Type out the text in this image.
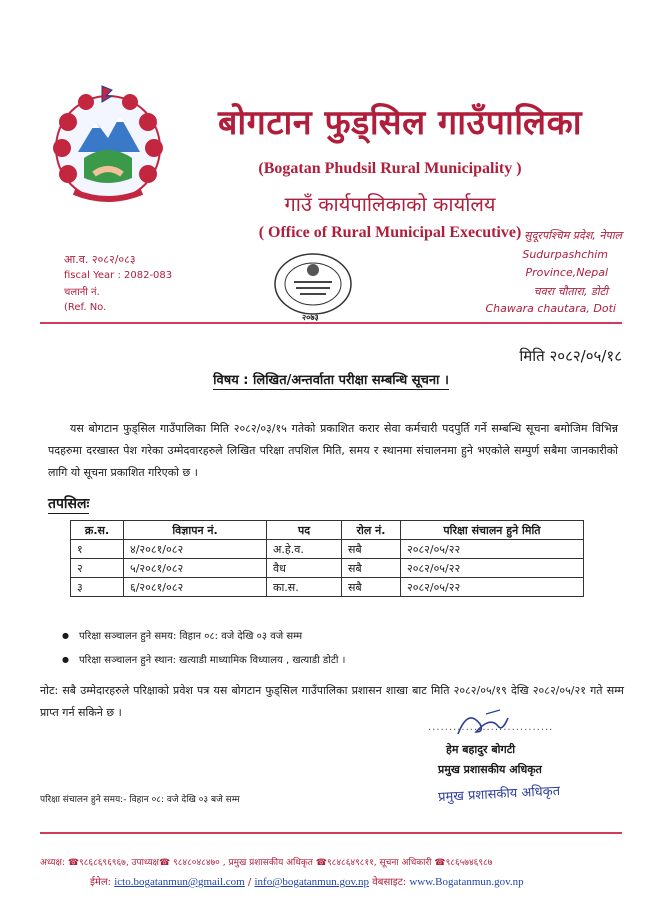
बोगटान फुड्सिल गाउँपालिका
(Bogatan Phudsil Rural Municipality )
गाउँ कार्यपालिकाको कार्यालय
( Office of Rural Municipal Executive)
आ.व. २०८२/०८३
fiscal Year : 2082-083
चलानी नं.
(Ref. No.
सुदूरपश्चिम प्रदेश, नेपाल
Sudurpashchim
Province,Nepal
चवरा चौतारा, डोटी
Chawara chautara, Doti
२०७३
मिति २०८२/०५/१८
विषय : लिखित/अन्तर्वाता परीक्षा सम्बन्धि सूचना ।
यस बोगटान फुड्सिल गाउँपालिका मिति २०८२/०३/१५ गतेको प्रकाशित करार सेवा कर्मचारी पदपुर्ति गर्ने सम्बन्धि सूचना बमोजिम विभिन्न पदहरुमा दरखास्त पेश गरेका उम्मेदवारहरुले लिखित परिक्षा तपशिल मिति, समय र स्थानमा संचालनमा हुने भएकोले सम्पुर्ण सबैमा जानकारीको लागि यो सूचना प्रकाशित गरिएको छ ।
तपसिलः
क्र.स.	विज्ञापन नं.	पद	रोल नं.	परिक्षा संचालन हुने मिति
१	४/२०८१/०८२	अ.हे.व.	सबै	२०८२/०५/२२
२	५/२०८१/०८२	वैध	सबै	२०८२/०५/२२
३	६/२०८१/०८२	का.स.	सबै	२०८२/०५/२२
● परिक्षा सञ्चालन हुने समय: विहान ०८: वजे देखि ०३ वजे सम्म
● परिक्षा सञ्चालन हुने स्थान: खत्याडी माध्यामिक विध्यालय , खत्याडी डोटी ।
नोट: सबै उम्मेदारहरुले परिक्षाको प्रवेश पत्र यस बोगटान फुड्सिल गाउँपालिका प्रशासन शाखा बाट मिति २०८२/०५/१९ देखि २०८२/०५/२१ गते सम्म प्राप्त गर्न सकिने छ ।
..............................
हेम बहादुर बोगटी
प्रमुख प्रशासकीय अधिकृत
प्रमुख प्रशासकीय अधिकृत
परिक्षा संचालन हुने समय:- विहान ०८: वजे देखि ०३ बजे सम्म
अध्यक्ष: ☎९८६८६९६९६७, उपाध्यक्ष☎ ९८४८०४८४७० , प्रमुख प्रशासकीय अधिकृत ☎९८४८६४९८११, सूचना अधिकारी ☎९८६५७४६९८७
ईमेल: icto.bogatanmun@gmail.com / info@bogatanmun.gov.np वेबसाइट: www.Bogatanmun.gov.np
